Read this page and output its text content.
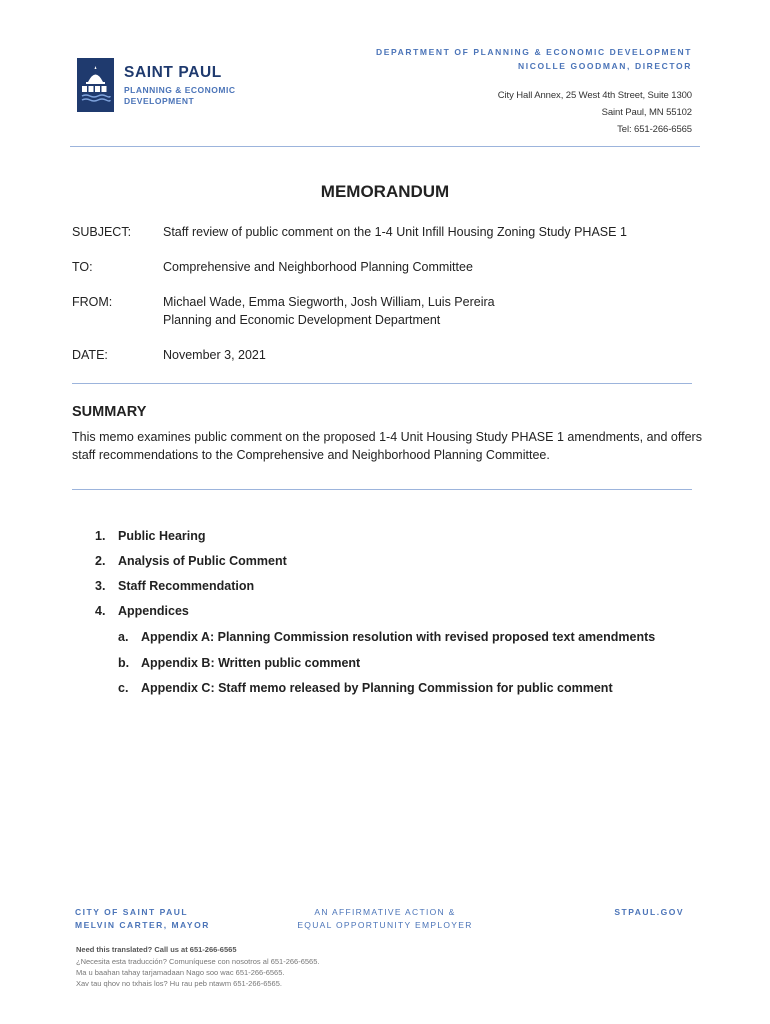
SAINT PAUL
PLANNING & ECONOMIC
DEVELOPMENT
DEPARTMENT OF PLANNING & ECONOMIC DEVELOPMENT
NICOLLE GOODMAN, DIRECTOR
City Hall Annex, 25 West 4th Street, Suite 1300
Saint Paul, MN 55102
Tel: 651-266-6565
MEMORANDUM
SUBJECT:	Staff review of public comment on the 1-4 Unit Infill Housing Zoning Study PHASE 1
TO:	Comprehensive and Neighborhood Planning Committee
FROM:	Michael Wade, Emma Siegworth, Josh William, Luis Pereira
Planning and Economic Development Department
DATE:	November 3, 2021
SUMMARY
This memo examines public comment on the proposed 1-4 Unit Housing Study PHASE 1 amendments, and offers staff recommendations to the Comprehensive and Neighborhood Planning Committee.
1. Public Hearing
2. Analysis of Public Comment
3. Staff Recommendation
4. Appendices
a. Appendix A: Planning Commission resolution with revised proposed text amendments
b. Appendix B: Written public comment
c. Appendix C: Staff memo released by Planning Commission for public comment
CITY OF SAINT PAUL
MELVIN CARTER, MAYOR
AN AFFIRMATIVE ACTION &
EQUAL OPPORTUNITY EMPLOYER
STPAUL.GOV
Need this translated? Call us at 651-266-6565
¿Necesita esta traducción? Comuníquese con nosotros al 651-266-6565.
Ma u baahan tahay tarjamadaan Nago soo wac 651-266-6565.
Xav tau qhov no txhais los? Hu rau peb ntawm 651-266-6565.
